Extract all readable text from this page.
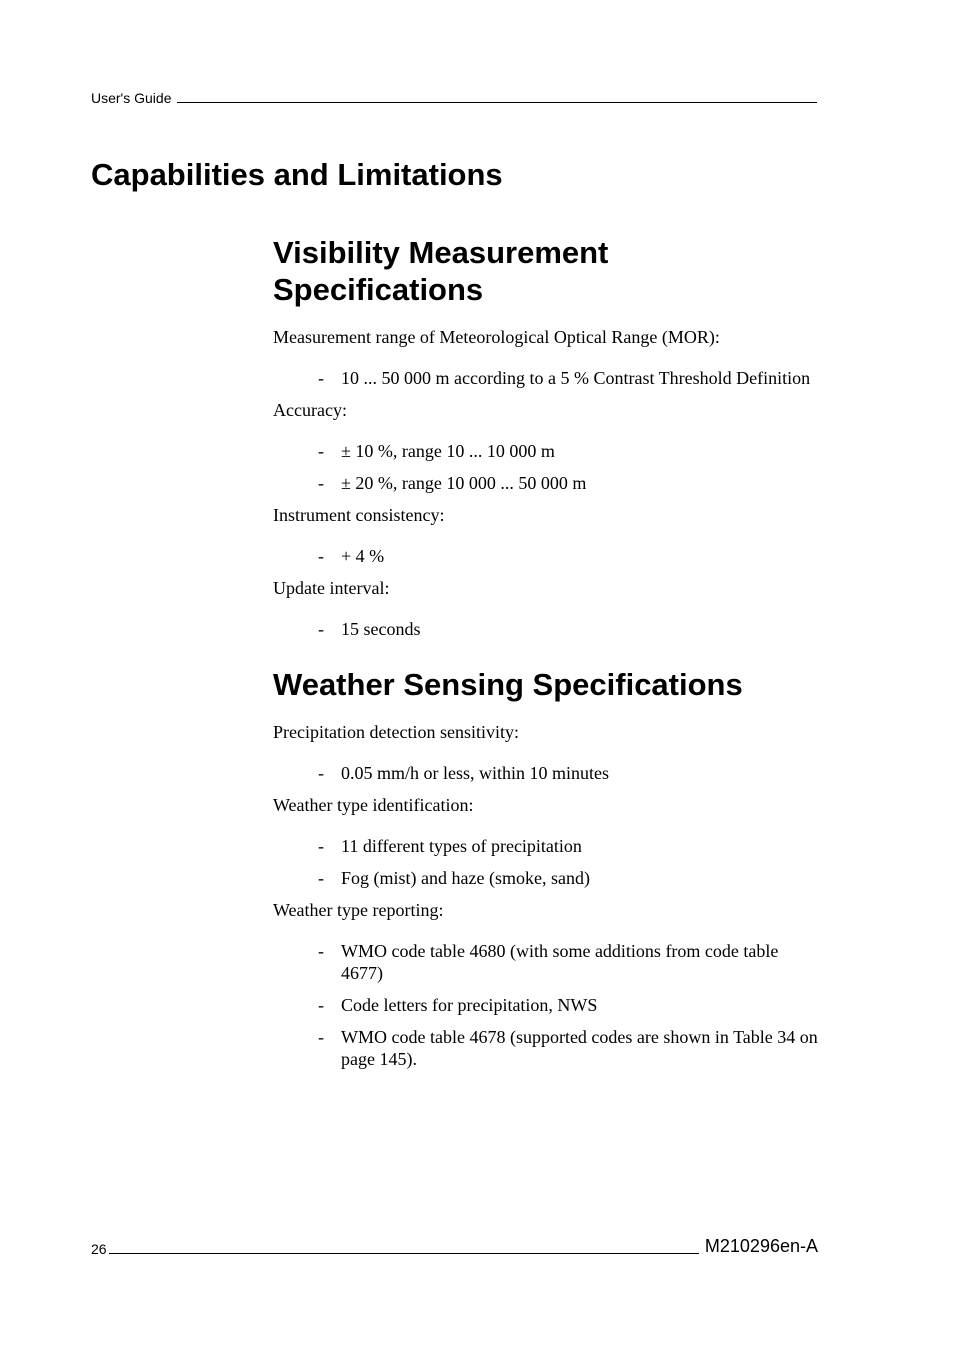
User's Guide
Capabilities and Limitations
Visibility Measurement Specifications

Measurement range of Meteorological Optical Range (MOR):

- 10 ... 50 000 m according to a 5 % Contrast Threshold Definition

Accuracy:

- ± 10 %, range 10 ... 10 000 m
- ± 20 %, range 10 000 ... 50 000 m

Instrument consistency:

- + 4 %

Update interval:

- 15 seconds
Weather Sensing Specifications

Precipitation detection sensitivity:

- 0.05 mm/h or less, within 10 minutes

Weather type identification:

- 11 different types of precipitation
- Fog (mist) and haze (smoke, sand)

Weather type reporting:

- WMO code table 4680 (with some additions from code table 4677)
- Code letters for precipitation, NWS
- WMO code table 4678 (supported codes are shown in Table 34 on page 145).
26	M210296en-A
